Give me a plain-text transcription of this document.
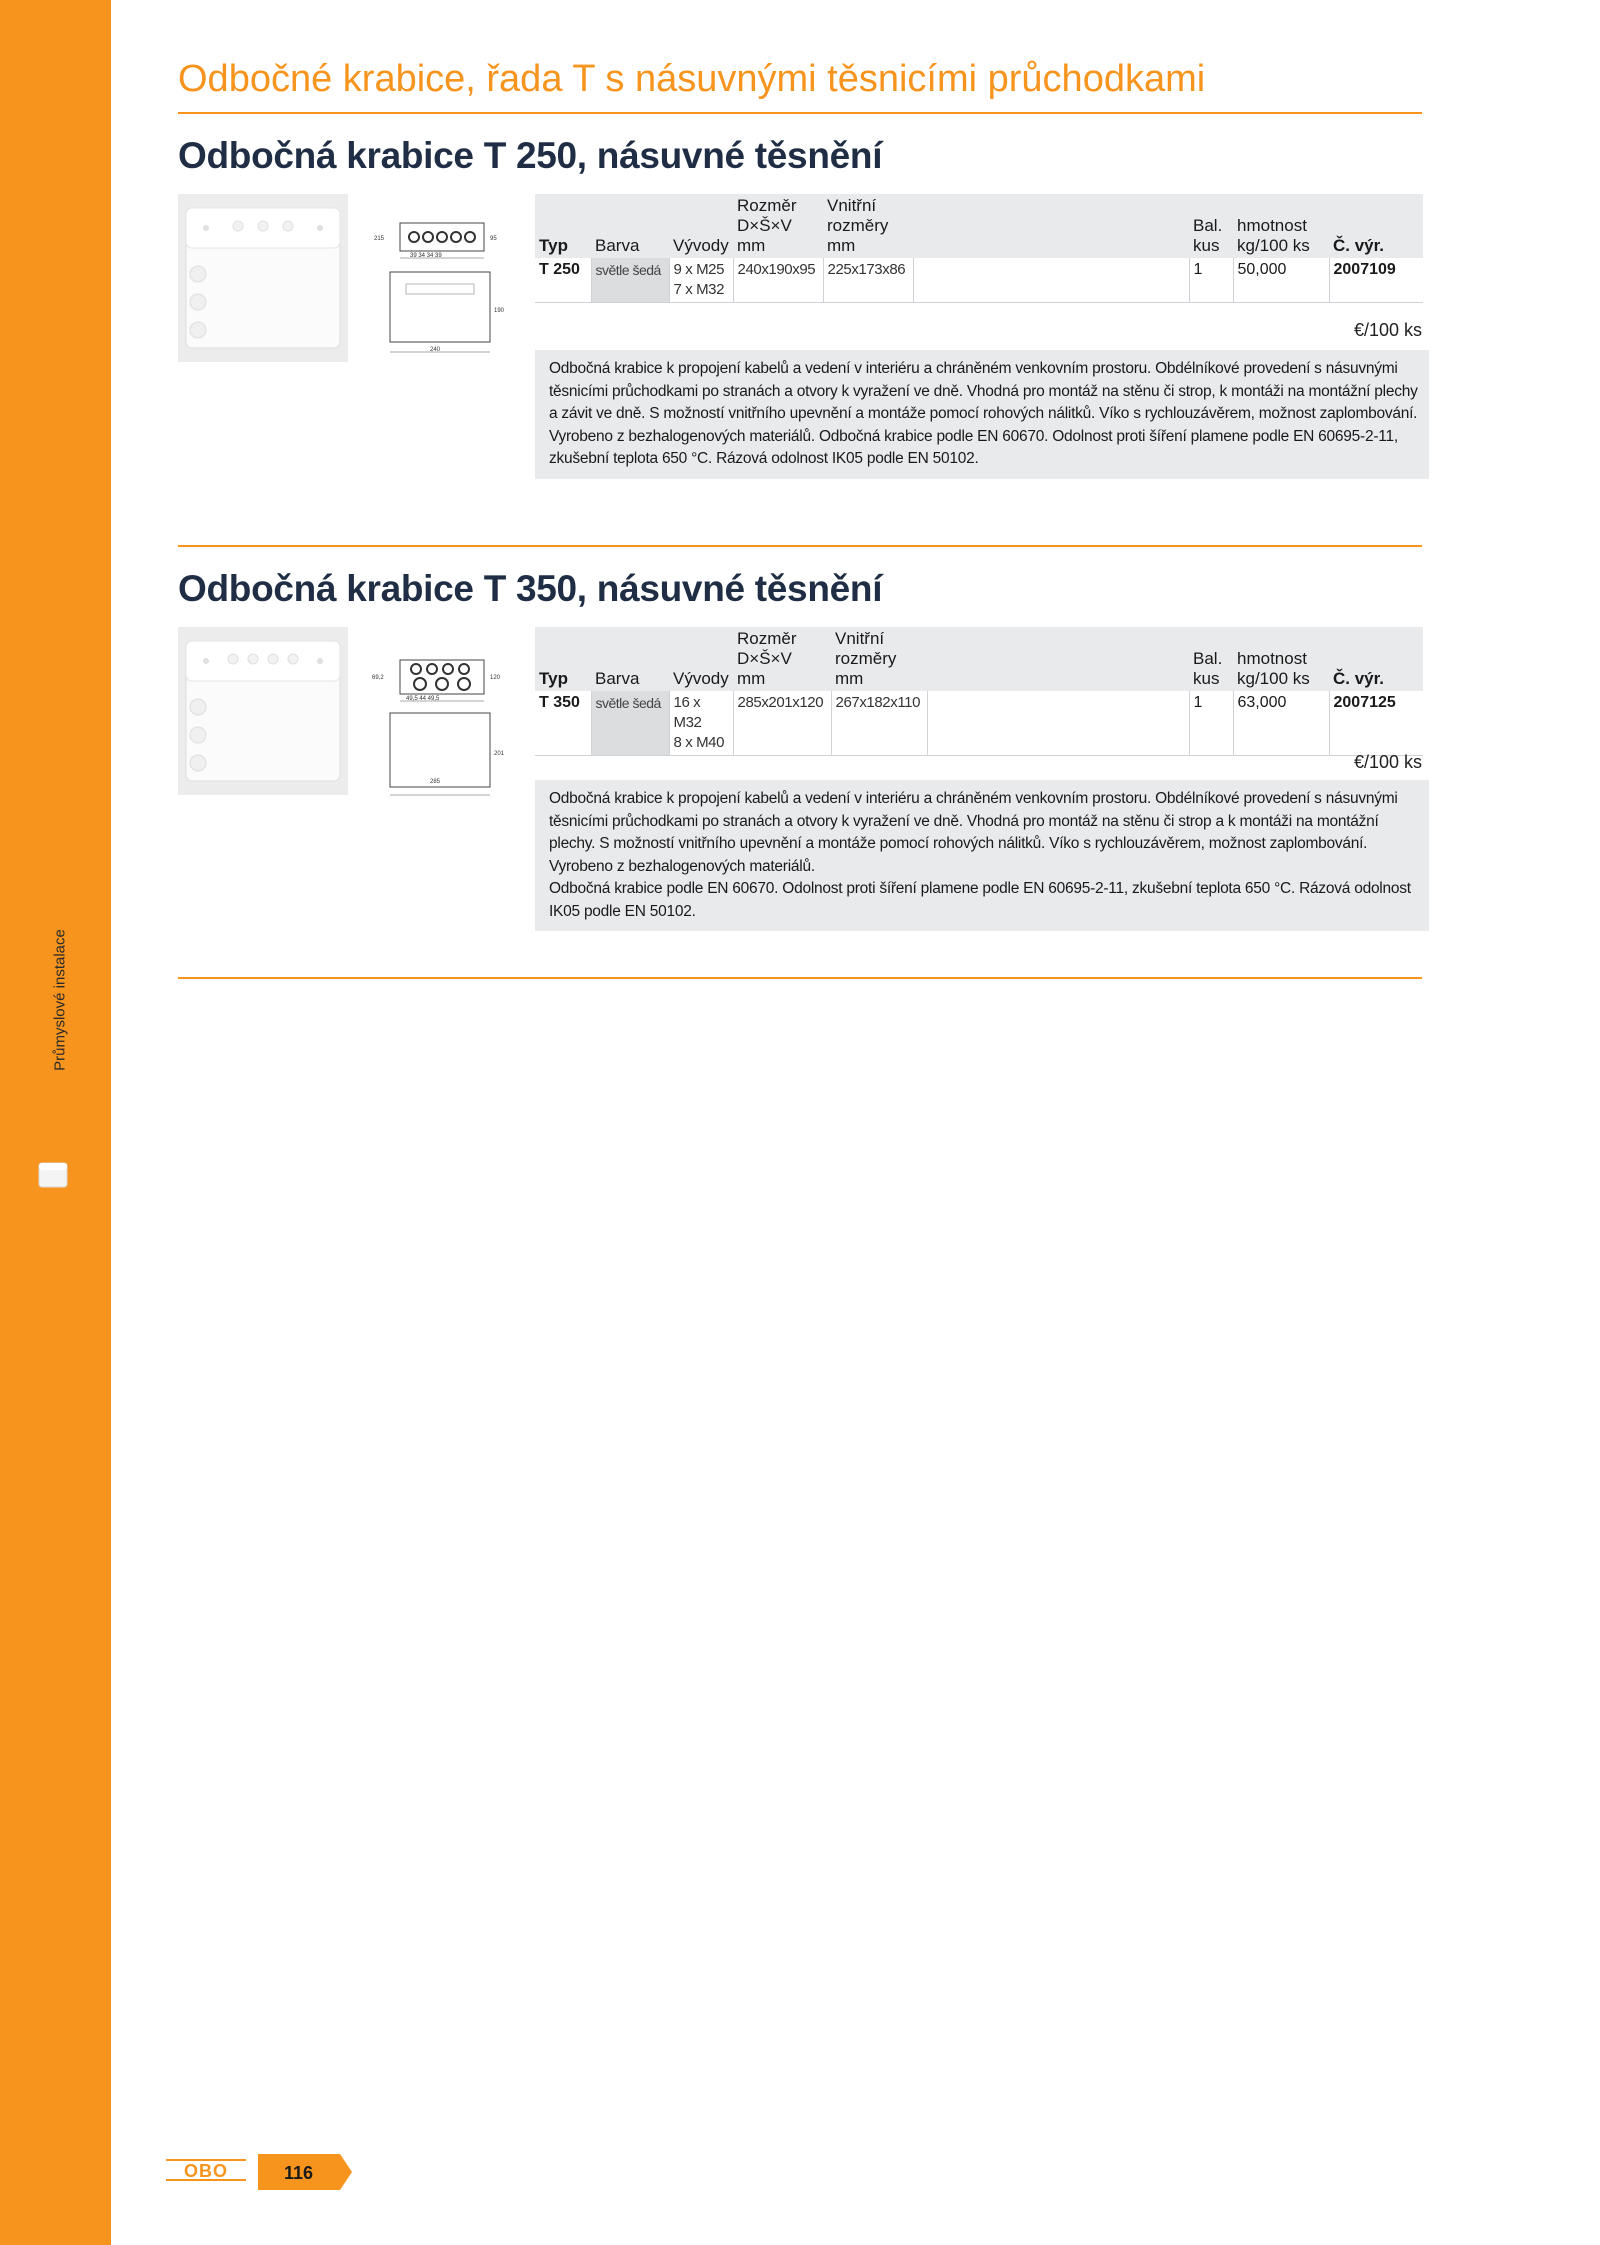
Průmyslové instalace
Odbočné krabice, řada T s násuvnými těsnicími průchodkami
Odbočná krabice T 250, násuvné těsnění
39 34 34 39
215	95
240
190
Typ	Barva	Vývody	Rozměr
D×Š×V
mm	Vnitřní
rozměry
mm		Bal.
kus	hmotnost
kg/100 ks	Č. výr.
T 250	světle šedá	9 x M25
7 x M32	240x190x95	225x173x86		1	50,000	2007109
€/100 ks

Odbočná krabice k propojení kabelů a vedení v interiéru a chráněném venkovním prostoru. Obdélníkové provedení s násuvnými těsnicími průchodkami po stranách a otvory k vyražení ve dně. Vhodná pro montáž na stěnu či strop, k montáži na montážní plechy a závit ve dně. S možností vnitřního upevnění a montáže pomocí rohových nálitků. Víko s rychlouzávěrem, možnost zaplombování. Vyrobeno z bezhalogenových materiálů. Odbočná krabice podle EN 60670. Odolnost proti šíření plamene podle EN 60695-2-11, zkušební teplota 650 °C. Rázová odolnost IK05 podle EN 50102.

Odbočná krabice T 350, násuvné těsnění
49,5 44 49,5
69,2	120
285
201
Typ	Barva	Vývody	Rozměr
D×Š×V
mm	Vnitřní
rozměry
mm		Bal.
kus	hmotnost
kg/100 ks	Č. výr.
T 350	světle šedá	16 x M32
8 x M40	285x201x120	267x182x110		1	63,000	2007125
€/100 ks

Odbočná krabice k propojení kabelů a vedení v interiéru a chráněném venkovním prostoru. Obdélníkové provedení s násuvnými těsnicími průchodkami po stranách a otvory k vyražení ve dně. Vhodná pro montáž na stěnu či strop a k montáži na montážní plechy. S možností vnitřního upevnění a montáže pomocí rohových nálitků. Víko s rychlouzávěrem, možnost zaplombování. Vyrobeno z bezhalogenových materiálů.

Odbočná krabice podle EN 60670. Odolnost proti šíření plamene podle EN 60695-2-11, zkušební teplota 650 °C. Rázová odolnost IK05 podle EN 50102.

OBO	116
